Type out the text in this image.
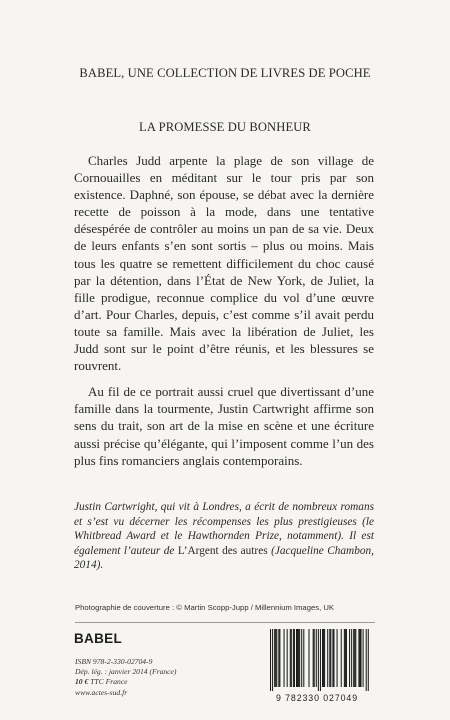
BABEL, UNE COLLECTION DE LIVRES DE POCHE
LA PROMESSE DU BONHEUR

Charles Judd arpente la plage de son village de Cornouailles en méditant sur le tour pris par son existence. Daphné, son épouse, se débat avec la dernière recette de poisson à la mode, dans une tentative désespérée de contrôler au moins un pan de sa vie. Deux de leurs enfants s’en sont sortis – plus ou moins. Mais tous les quatre se remettent difficilement du choc causé par la détention, dans l’État de New York, de Juliet, la fille prodigue, reconnue complice du vol d’une œuvre d’art. Pour Charles, depuis, c’est comme s’il avait perdu toute sa famille. Mais avec la libération de Juliet, les Judd sont sur le point d’être réunis, et les blessures se rouvrent.

Au fil de ce portrait aussi cruel que divertissant d’une famille dans la tourmente, Justin Cartwright affirme son sens du trait, son art de la mise en scène et une écriture aussi précise qu’élégante, qui l’imposent comme l’un des plus fins romanciers anglais contemporains.

Justin Cartwright, qui vit à Londres, a écrit de nombreux romans et s’est vu décerner les récompenses les plus prestigieuses (le Whitbread Award et le Hawthornden Prize, notamment). Il est également l’auteur de L’Argent des autres (Jacqueline Chambon, 2014).
Photographie de couverture : © Martin Scopp-Jupp / Millennium Images, UK
BABEL
ISBN 978-2-330-02704-9
Dép. lég. : janvier 2014 (France)
10 € TTC France
www.actes-sud.fr
9 782330 027049
